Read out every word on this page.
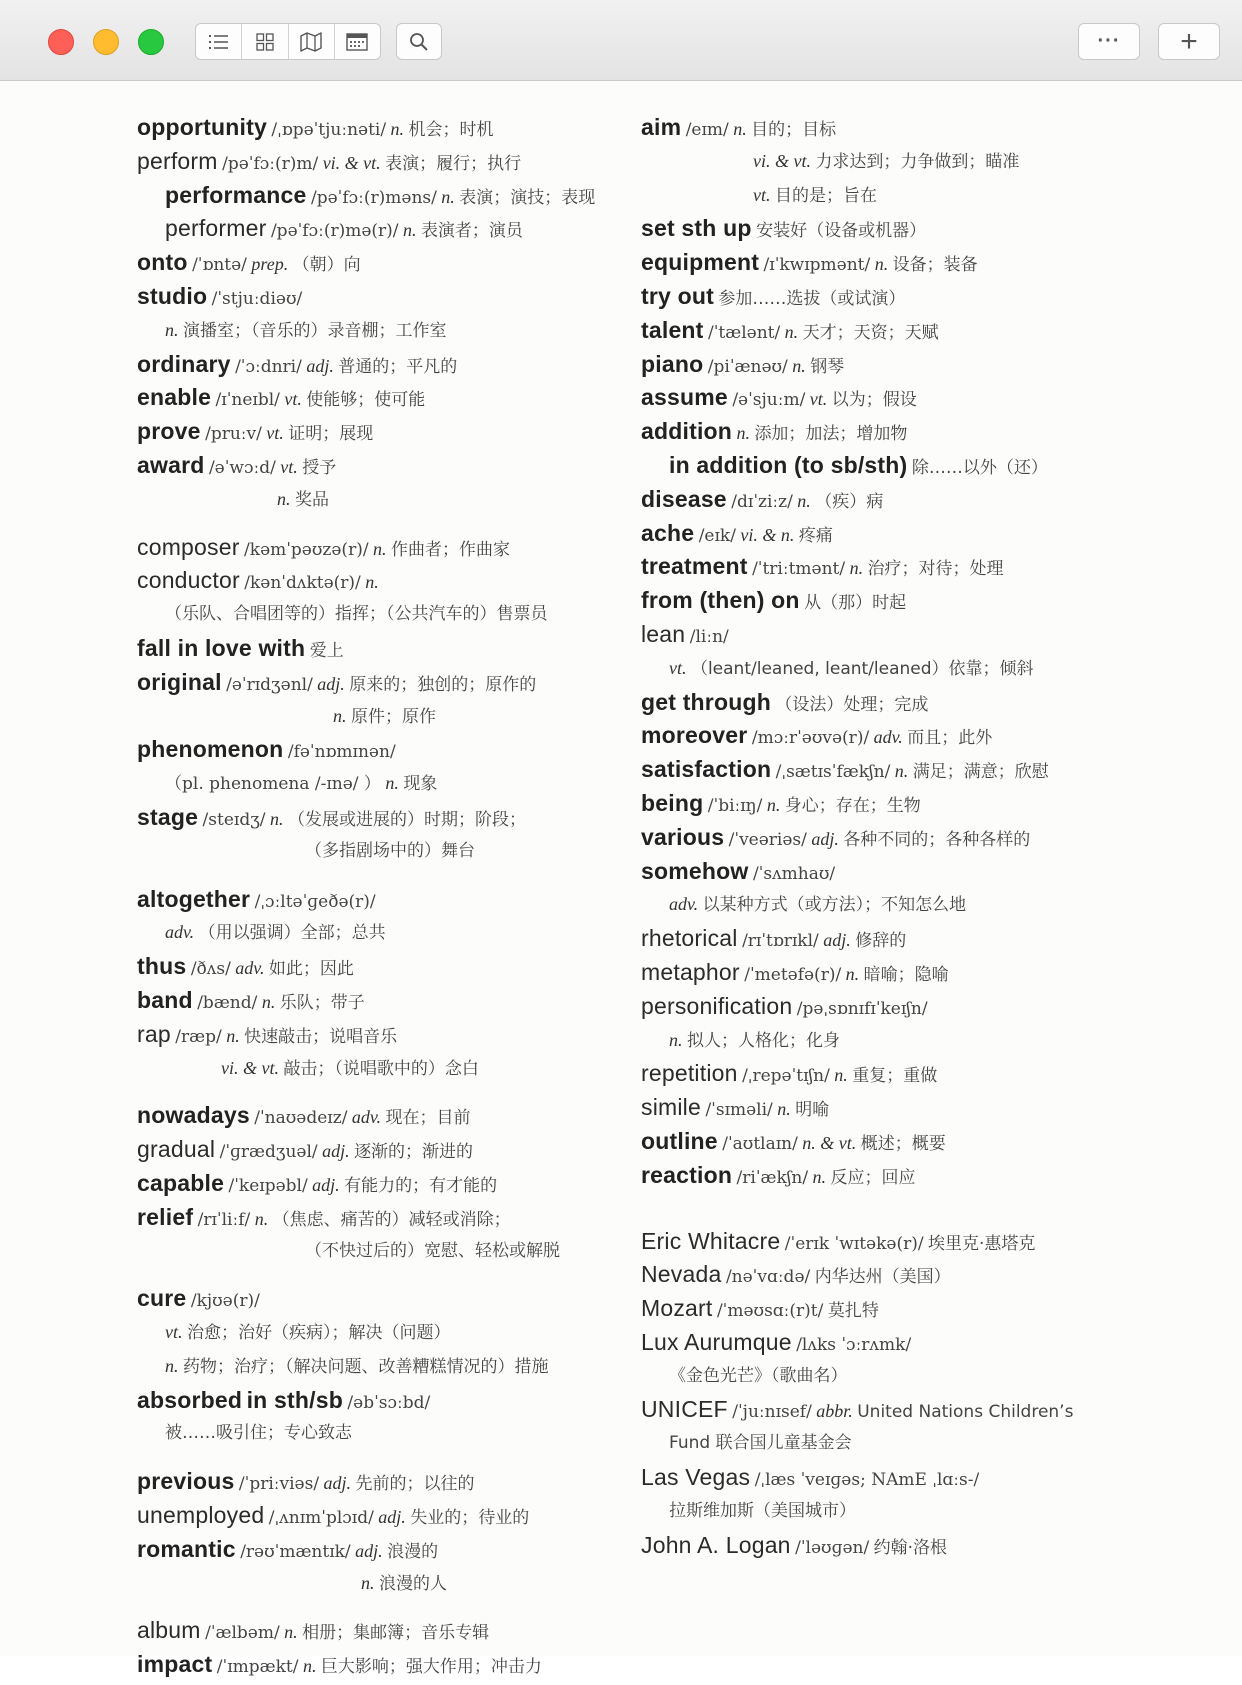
··· +
opportunity /ˌɒpəˈtjuːnəti/ n. 机会；时机
perform /pəˈfɔː(r)m/ vi. & vt. 表演；履行；执行
performance /pəˈfɔː(r)məns/ n. 表演；演技；表现
performer /pəˈfɔː(r)mə(r)/ n. 表演者；演员
onto /ˈɒntə/ prep. （朝）向
studio /ˈstjuːdiəʊ/
n. 演播室；（音乐的）录音棚；工作室
ordinary /ˈɔːdnri/ adj. 普通的；平凡的
enable /ɪˈneɪbl/ vt. 使能够；使可能
prove /pruːv/ vt. 证明；展现
award /əˈwɔːd/ vt. 授予
n. 奖品
composer /kəmˈpəʊzə(r)/ n. 作曲者；作曲家
conductor /kənˈdʌktə(r)/ n.
（乐队、合唱团等的）指挥；（公共汽车的）售票员
fall in love with 爱上
original /əˈrɪdʒənl/ adj. 原来的；独创的；原作的
n. 原件；原作
phenomenon /fəˈnɒmɪnən/
（pl. phenomena /-ɪnə/ ） n. 现象
stage /steɪdʒ/ n. （发展或进展的）时期；阶段；
（多指剧场中的）舞台
altogether /ˌɔːltəˈɡeðə(r)/
adv. （用以强调）全部；总共
thus /ðʌs/ adv. 如此；因此
band /bænd/ n. 乐队；带子
rap /ræp/ n. 快速敲击；说唱音乐
vi. & vt. 敲击；（说唱歌中的）念白
nowadays /ˈnaʊədeɪz/ adv. 现在；目前
gradual /ˈɡrædʒuəl/ adj. 逐渐的；渐进的
capable /ˈkeɪpəbl/ adj. 有能力的；有才能的
relief /rɪˈliːf/ n. （焦虑、痛苦的）减轻或消除；
（不快过后的）宽慰、轻松或解脱
cure /kjʊə(r)/
vt. 治愈；治好（疾病）；解决（问题）
n. 药物；治疗；（解决问题、改善糟糕情况的）措施
absorbed in sth/sb /əbˈsɔːbd/
被……吸引住；专心致志
previous /ˈpriːviəs/ adj. 先前的；以往的
unemployed /ˌʌnɪmˈplɔɪd/ adj. 失业的；待业的
romantic /rəʊˈmæntɪk/ adj. 浪漫的
n. 浪漫的人
album /ˈælbəm/ n. 相册；集邮簿；音乐专辑
impact /ˈɪmpækt/ n. 巨大影响；强大作用；冲击力
aim /eɪm/ n. 目的；目标
vi. & vt. 力求达到；力争做到；瞄准
vt. 目的是；旨在
set sth up 安装好（设备或机器）
equipment /ɪˈkwɪpmənt/ n. 设备；装备
try out 参加……选拔（或试演）
talent /ˈtælənt/ n. 天才；天资；天赋
piano /piˈænəʊ/ n. 钢琴
assume /əˈsjuːm/ vt. 以为；假设
addition n. 添加；加法；增加物
in addition (to sb/sth) 除……以外（还）
disease /dɪˈziːz/ n. （疾）病
ache /eɪk/ vi. & n. 疼痛
treatment /ˈtriːtmənt/ n. 治疗；对待；处理
from (then) on 从（那）时起
lean /liːn/
vt. （leant/leaned, leant/leaned）依靠；倾斜
get through （设法）处理；完成
moreover /mɔːrˈəʊvə(r)/ adv. 而且；此外
satisfaction /ˌsætɪsˈfækʃn/ n. 满足；满意；欣慰
being /ˈbiːɪŋ/ n. 身心；存在；生物
various /ˈveəriəs/ adj. 各种不同的；各种各样的
somehow /ˈsʌmhaʊ/
adv. 以某种方式（或方法）；不知怎么地
rhetorical /rɪˈtɒrɪkl/ adj. 修辞的
metaphor /ˈmetəfə(r)/ n. 暗喻；隐喻
personification /pəˌsɒnɪfɪˈkeɪʃn/
n. 拟人；人格化；化身
repetition /ˌrepəˈtɪʃn/ n. 重复；重做
simile /ˈsɪməli/ n. 明喻
outline /ˈaʊtlaɪn/ n. & vt. 概述；概要
reaction /riˈækʃn/ n. 反应；回应
Eric Whitacre /ˈerɪk ˈwɪtəkə(r)/ 埃里克·惠塔克
Nevada /nəˈvɑːdə/ 内华达州（美国）
Mozart /ˈməʊsɑː(r)t/ 莫扎特
Lux Aurumque /lʌks ˈɔːrʌmk/
《金色光芒》（歌曲名）
UNICEF /ˈjuːnɪsef/ abbr. United Nations Children’s
Fund 联合国儿童基金会
Las Vegas /ˌlæs ˈveɪɡəs; NAmE ˌlɑːs-/
拉斯维加斯（美国城市）
John A. Logan /ˈləʊɡən/ 约翰·洛根
